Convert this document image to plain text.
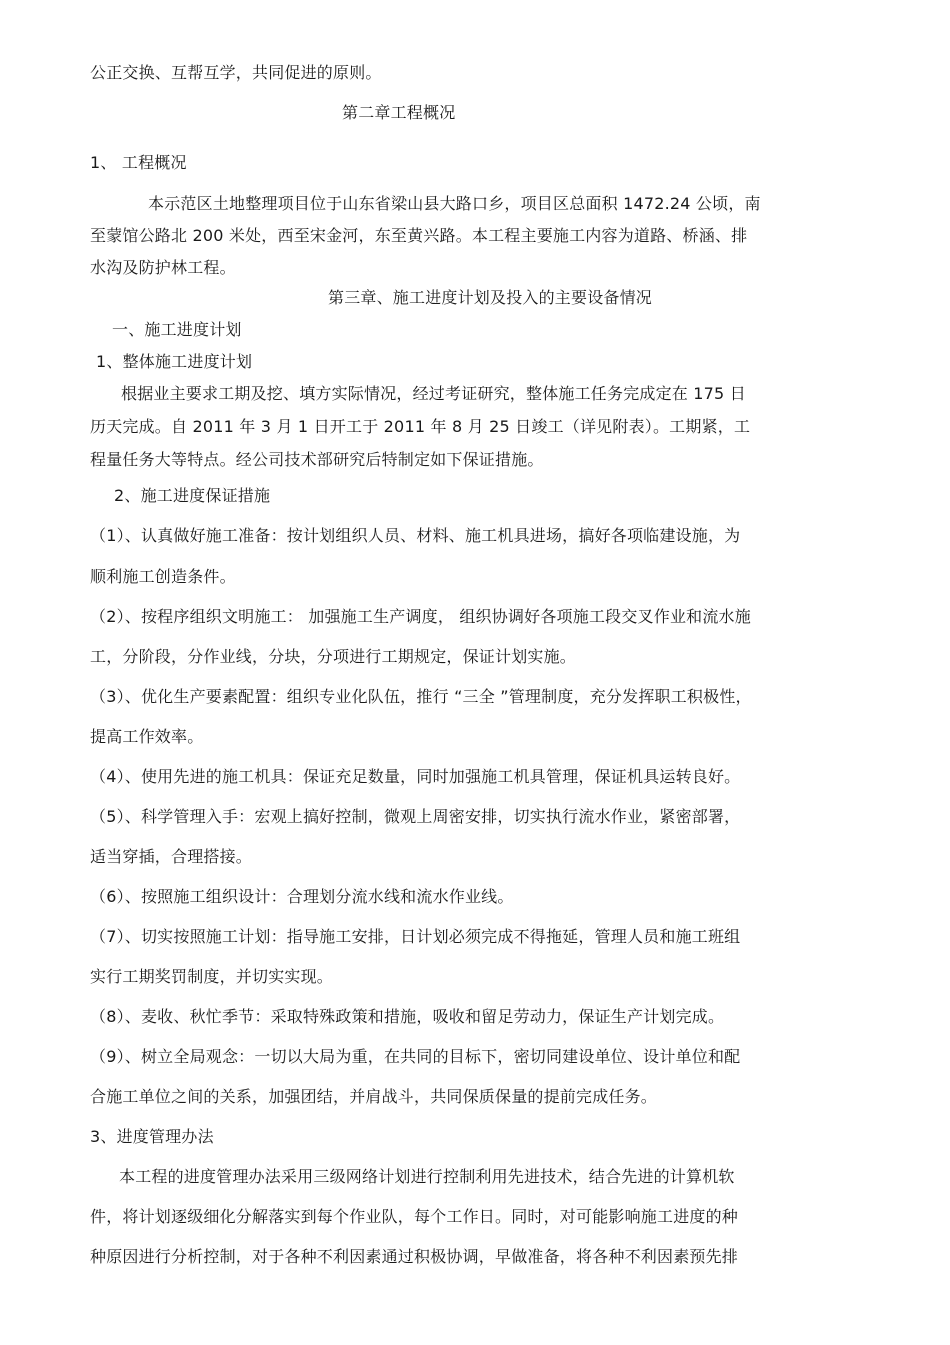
公正交换、互帮互学，共同促进的原则。
第二章工程概况
1、 工程概况
本示范区土地整理项目位于山东省梁山县大路口乡，项目区总面积 1472.24 公顷，南
至蒙馆公路北 200 米处，西至宋金河，东至黄兴路。本工程主要施工内容为道路、桥涵、排
水沟及防护林工程。
第三章、施工进度计划及投入的主要设备情况
一、施工进度计划
1、整体施工进度计划
根据业主要求工期及挖、填方实际情况，经过考证研究，整体施工任务完成定在 175 日
历天完成。自 2011 年 3 月 1 日开工于 2011 年 8 月 25 日竣工（详见附表）。工期紧，工
程量任务大等特点。经公司技术部研究后特制定如下保证措施。
2、施工进度保证措施
（1）、认真做好施工准备：按计划组织人员、材料、施工机具进场，搞好各项临建设施，为
顺利施工创造条件。
（2）、按程序组织文明施工： 加强施工生产调度， 组织协调好各项施工段交叉作业和流水施
工，分阶段，分作业线，分块，分项进行工期规定，保证计划实施。
（3）、优化生产要素配置：组织专业化队伍，推行 “三全 ”管理制度，充分发挥职工积极性，
提高工作效率。
（4）、使用先进的施工机具：保证充足数量，同时加强施工机具管理，保证机具运转良好。
（5）、科学管理入手：宏观上搞好控制，微观上周密安排，切实执行流水作业，紧密部署，
适当穿插，合理搭接。
（6）、按照施工组织设计：合理划分流水线和流水作业线。
（7）、切实按照施工计划：指导施工安排，日计划必须完成不得拖延，管理人员和施工班组
实行工期奖罚制度，并切实实现。
（8）、麦收、秋忙季节：采取特殊政策和措施，吸收和留足劳动力，保证生产计划完成。
（9）、树立全局观念：一切以大局为重，在共同的目标下，密切同建设单位、设计单位和配
合施工单位之间的关系，加强团结，并肩战斗，共同保质保量的提前完成任务。
3、进度管理办法
本工程的进度管理办法采用三级网络计划进行控制利用先进技术，结合先进的计算机软
件，将计划逐级细化分解落实到每个作业队，每个工作日。同时，对可能影响施工进度的种
种原因进行分析控制，对于各种不利因素通过积极协调，早做准备，将各种不利因素预先排
